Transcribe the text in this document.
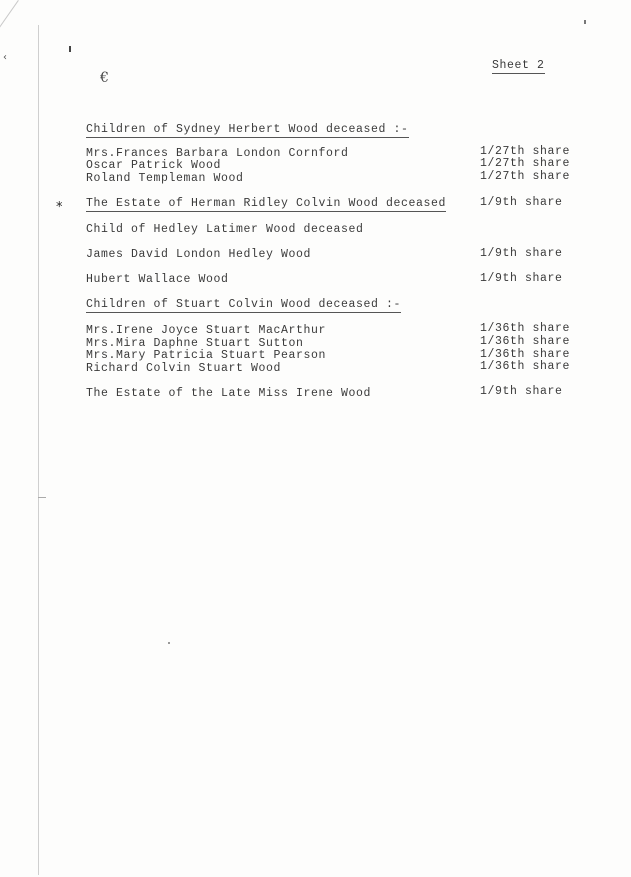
‹
€
Sheet 2
Children of Sydney Herbert Wood deceased :-
Mrs.Frances Barbara London Cornford	1/27th share
Oscar Patrick Wood	1/27th share
Roland Templeman Wood	1/27th share
* The Estate of Herman Ridley Colvin Wood deceased	1/9th share
Child of Hedley Latimer Wood deceased
James David London Hedley Wood	1/9th share
Hubert Wallace Wood	1/9th share
Children of Stuart Colvin Wood deceased :-
Mrs.Irene Joyce Stuart MacArthur	1/36th share
Mrs.Mira Daphne Stuart Sutton	1/36th share
Mrs.Mary Patricia Stuart Pearson	1/36th share
Richard Colvin Stuart Wood	1/36th share
The Estate of the Late Miss Irene Wood	1/9th share
